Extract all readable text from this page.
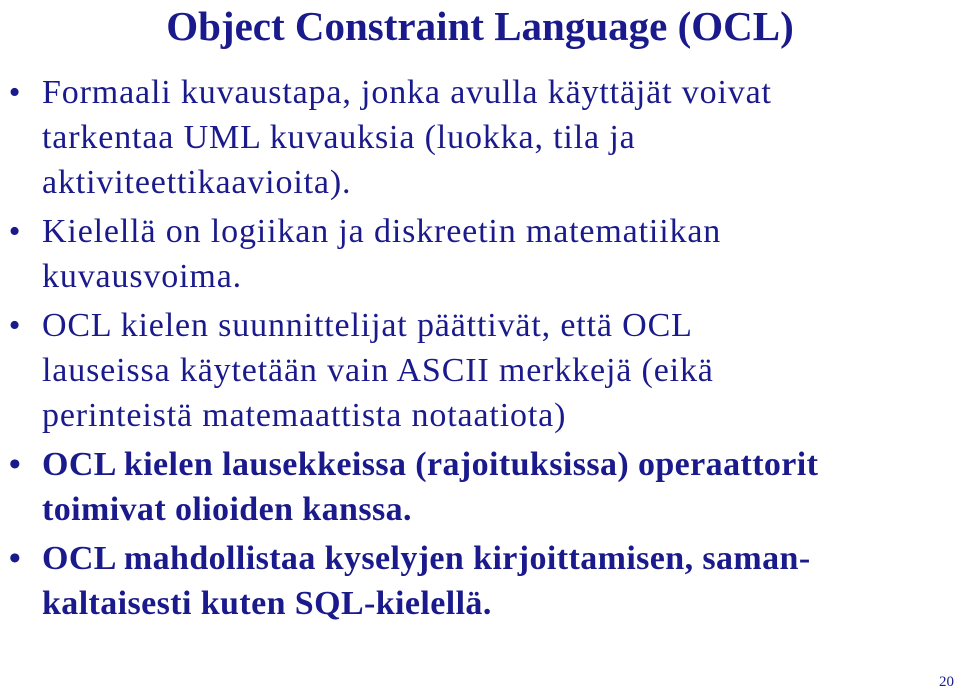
Object Constraint Language (OCL)
• Formaali kuvaustapa, jonka avulla käyttäjät voivat
tarkentaa UML kuvauksia (luokka, tila ja
aktiviteettikaavioita).
• Kielellä on logiikan ja diskreetin matematiikan
kuvausvoima.
• OCL kielen suunnittelijat päättivät, että OCL
lauseissa käytetään vain ASCII merkkejä (eikä
perinteistä matemaattista notaatiota)
• OCL kielen lausekkeissa (rajoituksissa) operaattorit
toimivat olioiden kanssa.
• OCL mahdollistaa kyselyjen kirjoittamisen, saman-
kaltaisesti kuten SQL-kielellä.
20
